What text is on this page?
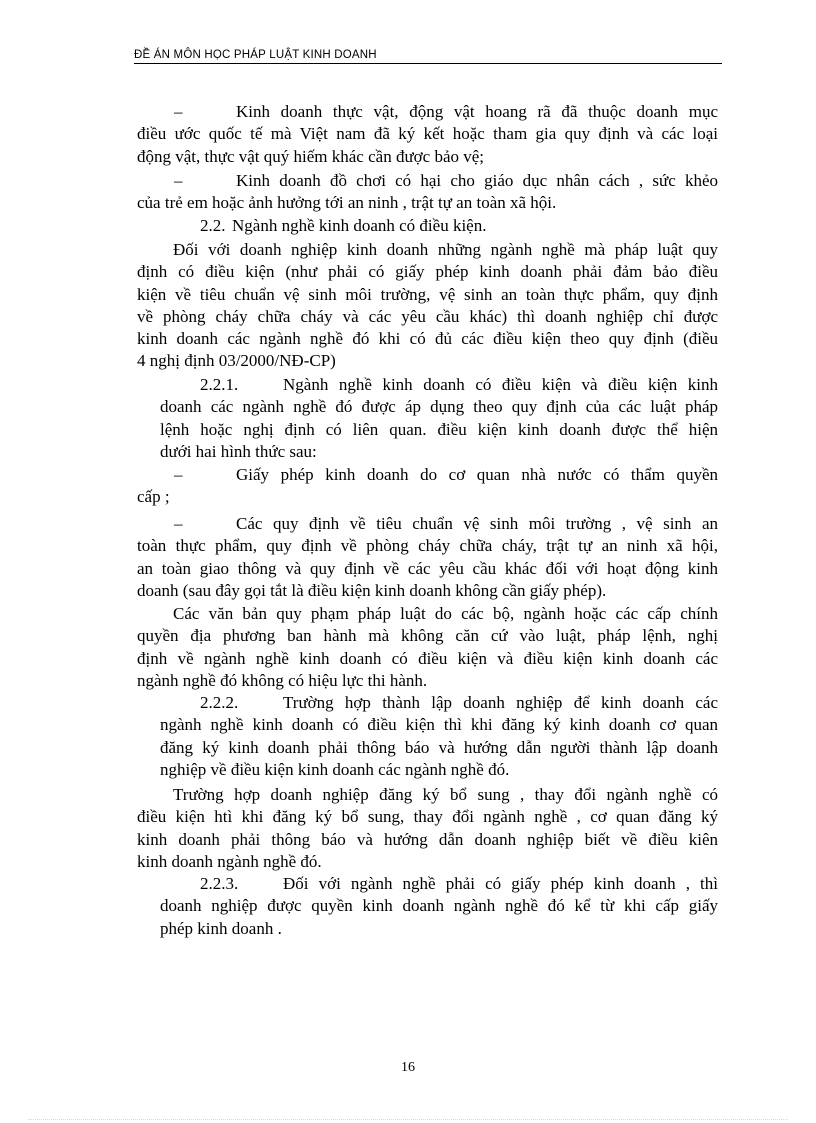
ĐỀ ÁN MÔN HỌC PHÁP LUẬT KINH DOANH
–	Kinh doanh thực vật, động vật hoang rã đã thuộc doanh mục
điều ước quốc tế mà Việt nam đã ký kết hoặc tham gia quy định và các loại
động vật, thực vật quý hiếm khác cần được bảo vệ;
–	Kinh doanh đồ chơi có hại cho giáo dục nhân cách , sức khẻo
của trẻ em hoặc ảnh hưởng tới an ninh , trật tự an toàn xã hội.
2.2. Ngành nghề kinh doanh có điều kiện.
Đối với doanh nghiệp kinh doanh những ngành nghề mà pháp luật quy
định có điều kiện (như phải có giấy phép kinh doanh phải đảm bảo điều
kiện về tiêu chuẩn vệ sinh môi trường, vệ sinh an toàn thực phẩm, quy định
về phòng cháy chữa cháy và các yêu cầu khác) thì doanh nghiệp chỉ được
kinh doanh các ngành nghề đó khi có đủ các điều kiện theo quy định (điều
4 nghị định 03/2000/NĐ-CP)
2.2.1.	Ngành nghề kinh doanh có điều kiện và điều kiện kinh
doanh các ngành nghề đó được áp dụng theo quy định của các luật pháp
lệnh hoặc nghị định có liên quan. điều kiện kinh doanh được thể hiện
dưới hai hình thức sau:
–	Giấy phép kinh doanh do cơ quan nhà nước có thẩm quyền
cấp ;
–	Các quy định về tiêu chuẩn vệ sinh môi trường , vệ sinh an
toàn thực phẩm, quy định về phòng cháy chữa cháy, trật tự an ninh xã hội,
an toàn giao thông và quy định về các yêu cầu khác đối với hoạt động kinh
doanh (sau đây gọi tắt là điều kiện kinh doanh không cần giấy phép).
Các văn bản quy phạm pháp luật do các bộ, ngành hoặc các cấp chính
quyền địa phương ban hành mà không căn cứ vào luật, pháp lệnh, nghị
định về ngành nghề kinh doanh có điều kiện và điều kiện kinh doanh các
ngành nghề đó không có hiệu lực thi hành.
2.2.2.	Trường hợp thành lập doanh nghiệp để kinh doanh các
ngành nghề kinh doanh có điều kiện thì khi đăng ký kinh doanh cơ quan
đăng ký kinh doanh phải thông báo và hướng dẫn người thành lập doanh
nghiệp về điều kiện kinh doanh các ngành nghề đó.
Trường hợp doanh nghiệp đăng ký bổ sung , thay đổi ngành nghề có
điều kiện htì khi đăng ký bổ sung, thay đổi ngành nghề , cơ quan đăng ký
kinh doanh phải thông báo và hướng dẫn doanh nghiệp biết về điều kiên
kinh doanh ngành nghề đó.
2.2.3.	Đối với ngành nghề phải có giấy phép kinh doanh , thì
doanh nghiệp được quyền kinh doanh ngành nghề đó kể từ khi cấp giấy
phép kinh doanh .
16
